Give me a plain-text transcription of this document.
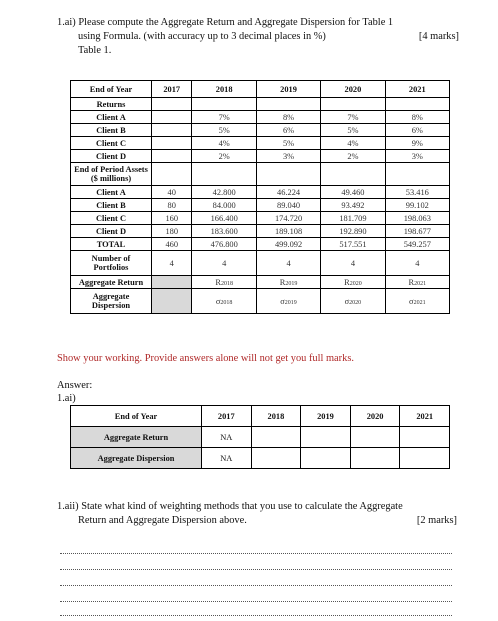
1.ai) Please compute the Aggregate Return and Aggregate Dispersion for Table 1
using Formula. (with accuracy up to 3 decimal places in %)	[4 marks]
Table 1.
End of Year	2017	2018	2019	2020	2021
Returns					
Client A		7%	8%	7%	8%
Client B		5%	6%	5%	6%
Client C		4%	5%	4%	9%
Client D		2%	3%	2%	3%

End of Period Assets
($ millions)					

Client A	40	42.800	46.224	49.460	53.416
Client B	80	84.000	89.040	93.492	99.102
Client C	160	166.400	174.720	181.709	198.063
Client D	180	183.600	189.108	192.890	198.677
TOTAL	460	476.800	499.092	517.551	549.257

Number of
Portfolios	4	4	4	4	4
Aggregate Return		R2018	R2019	R2020	R2021

Aggregate
Dispersion		σ2018	σ2019	σ2020	σ2021
Show your working. Provide answers alone will not get you full marks.
Answer:
1.ai)
End of Year	2017	2018	2019	2020	2021
Aggregate Return	NA				
Aggregate Dispersion	NA				
1.aii) State what kind of weighting methods that you use to calculate the Aggregate
Return and Aggregate Dispersion above.	[2 marks]
